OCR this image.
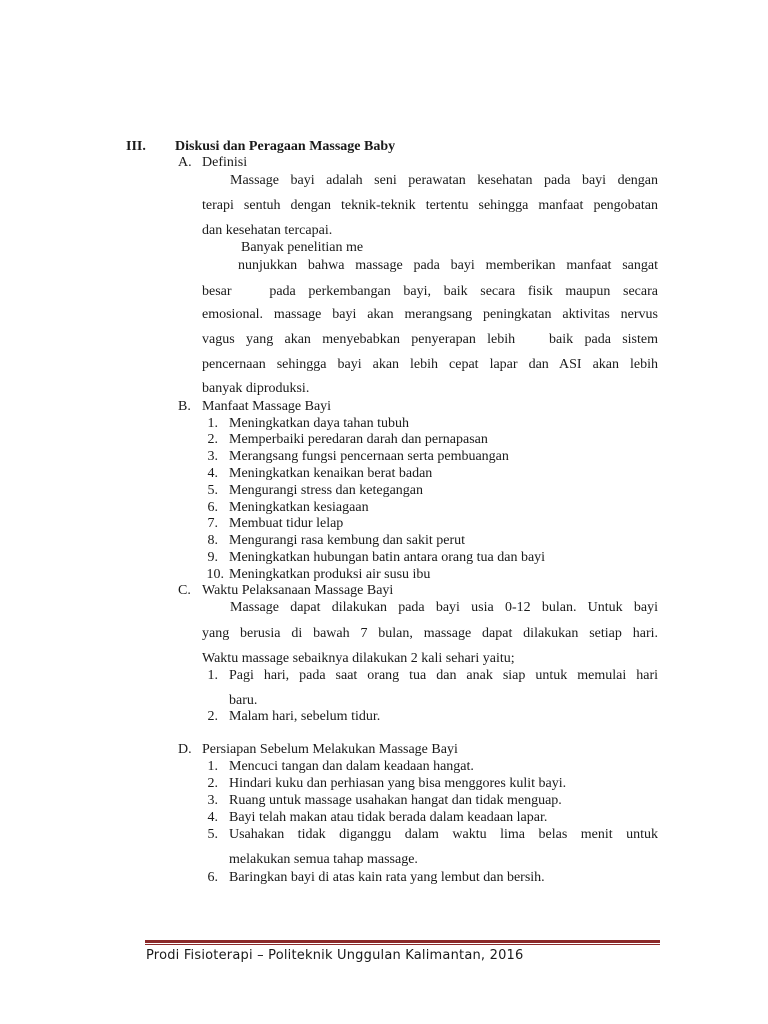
III. Diskusi dan Peragaan Massage Baby
A. Definisi
Massage bayi adalah seni perawatan kesehatan pada bayi dengan
terapi sentuh dengan teknik-teknik tertentu sehingga manfaat pengobatan
dan kesehatan tercapai.
Banyak penelitian me
nunjukkan bahwa massage pada bayi memberikan manfaat sangat
besar   pada perkembangan bayi, baik secara fisik maupun secara
emosional. massage bayi akan merangsang peningkatan aktivitas nervus
vagus yang akan menyebabkan penyerapan lebih   baik pada sistem
pencernaan sehingga bayi akan lebih cepat lapar dan ASI akan lebih
banyak diproduksi.
B. Manfaat Massage Bayi
1. Meningkatkan daya tahan tubuh
2. Memperbaiki peredaran darah dan pernapasan
3. Merangsang fungsi pencernaan serta pembuangan
4. Meningkatkan kenaikan berat badan
5. Mengurangi stress dan ketegangan
6. Meningkatkan kesiagaan
7. Membuat tidur lelap
8. Mengurangi rasa kembung dan sakit perut
9. Meningkatkan hubungan batin antara orang tua dan bayi
10. Meningkatkan produksi air susu ibu
C. Waktu Pelaksanaan Massage Bayi
Massage dapat dilakukan pada bayi usia 0-12 bulan. Untuk bayi
yang berusia di bawah 7 bulan, massage dapat dilakukan setiap hari.
Waktu massage sebaiknya dilakukan 2 kali sehari yaitu;
1. Pagi hari, pada saat orang tua dan anak siap untuk memulai hari
baru.
2. Malam hari, sebelum tidur.
D. Persiapan Sebelum Melakukan Massage Bayi
1. Mencuci tangan dan dalam keadaan hangat.
2. Hindari kuku dan perhiasan yang bisa menggores kulit bayi.
3. Ruang untuk massage usahakan hangat dan tidak menguap.
4. Bayi telah makan atau tidak berada dalam keadaan lapar.
5. Usahakan tidak diganggu dalam waktu lima belas menit untuk
melakukan semua tahap massage.
6. Baringkan bayi di atas kain rata yang lembut dan bersih.
Prodi Fisioterapi – Politeknik Unggulan Kalimantan, 2016
